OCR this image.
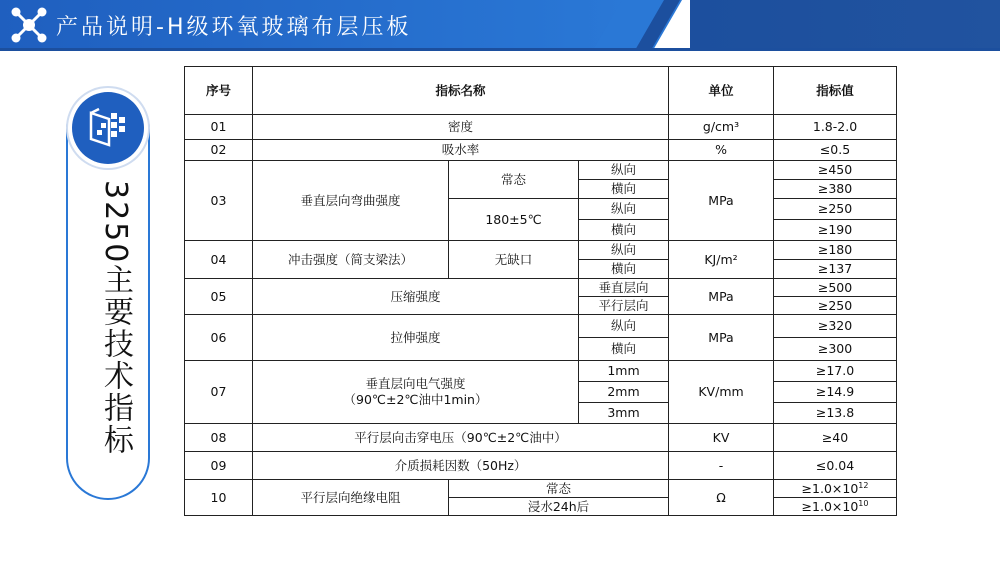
产品说明-H级环氧玻璃布层压板
3250主要技术指标
序号	指标名称			单位	指标值
01	密度			g/cm³	1.8-2.0
02	吸水率			%	≤0.5
03	垂直层向弯曲强度	常态	纵向	MPa	≥450
			横向		≥380
		180±5℃	纵向		≥250
			横向		≥190
04	冲击强度（简支梁法）	无缺口	纵向	KJ/m²	≥180
			横向		≥137
05	压缩强度		垂直层向	MPa	≥500
			平行层向		≥250
06	拉伸强度		纵向	MPa	≥320
			横向		≥300
07	垂直层向电气强度
（90℃±2℃油中1min）		1mm	KV/mm	≥17.0
			2mm		≥14.9
			3mm		≥13.8
08	平行层向击穿电压（90℃±2℃油中）			KV	≥40
09	介质损耗因数（50Hz）			-	≤0.04
10	平行层向绝缘电阻	常态		Ω	$\ge 1.0\times 10^{12}$
		浸水24h后			$\ge 1.0\times 10^{10}$
